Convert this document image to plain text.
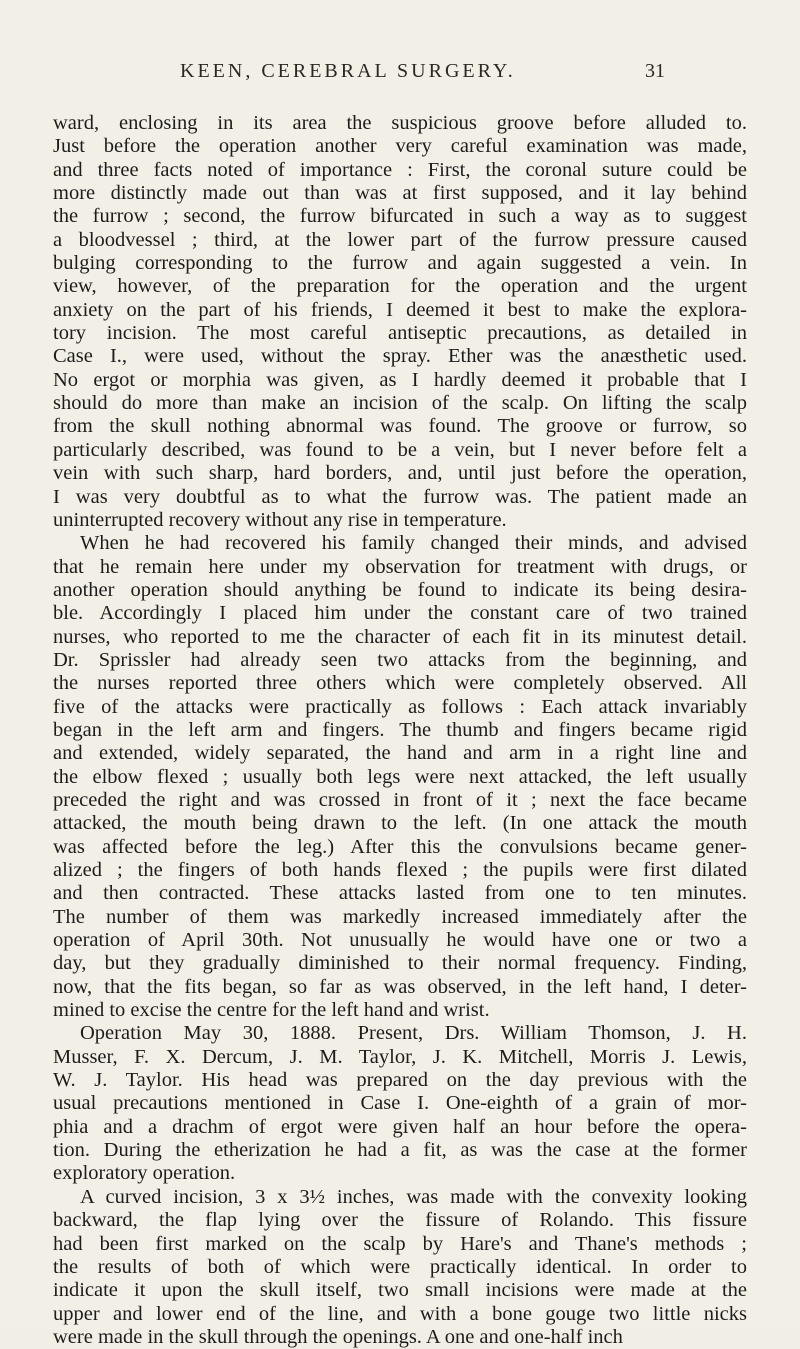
KEEN, CEREBRAL SURGERY.	31

ward, enclosing in its area the suspicious groove before alluded to.
Just before the operation another very careful examination was made,
and three facts noted of importance : First, the coronal suture could be
more distinctly made out than was at first supposed, and it lay behind
the furrow ; second, the furrow bifurcated in such a way as to suggest
a bloodvessel ; third, at the lower part of the furrow pressure caused
bulging corresponding to the furrow and again suggested a vein. In
view, however, of the preparation for the operation and the urgent
anxiety on the part of his friends, I deemed it best to make the explora-
tory incision. The most careful antiseptic precautions, as detailed in
Case I., were used, without the spray. Ether was the anæsthetic used.
No ergot or morphia was given, as I hardly deemed it probable that I
should do more than make an incision of the scalp. On lifting the scalp
from the skull nothing abnormal was found. The groove or furrow, so
particularly described, was found to be a vein, but I never before felt a
vein with such sharp, hard borders, and, until just before the operation,
I was very doubtful as to what the furrow was. The patient made an
uninterrupted recovery without any rise in temperature.

When he had recovered his family changed their minds, and advised
that he remain here under my observation for treatment with drugs, or
another operation should anything be found to indicate its being desira-
ble. Accordingly I placed him under the constant care of two trained
nurses, who reported to me the character of each fit in its minutest detail.
Dr. Sprissler had already seen two attacks from the beginning, and
the nurses reported three others which were completely observed. All
five of the attacks were practically as follows : Each attack invariably
began in the left arm and fingers. The thumb and fingers became rigid
and extended, widely separated, the hand and arm in a right line and
the elbow flexed ; usually both legs were next attacked, the left usually
preceded the right and was crossed in front of it ; next the face became
attacked, the mouth being drawn to the left. (In one attack the mouth
was affected before the leg.) After this the convulsions became gener-
alized ; the fingers of both hands flexed ; the pupils were first dilated
and then contracted. These attacks lasted from one to ten minutes.
The number of them was markedly increased immediately after the
operation of April 30th. Not unusually he would have one or two a
day, but they gradually diminished to their normal frequency. Finding,
now, that the fits began, so far as was observed, in the left hand, I deter-
mined to excise the centre for the left hand and wrist.

Operation May 30, 1888. Present, Drs. William Thomson, J. H.
Musser, F. X. Dercum, J. M. Taylor, J. K. Mitchell, Morris J. Lewis,
W. J. Taylor. His head was prepared on the day previous with the
usual precautions mentioned in Case I. One-eighth of a grain of mor-
phia and a drachm of ergot were given half an hour before the opera-
tion. During the etherization he had a fit, as was the case at the former
exploratory operation.

A curved incision, 3 x 3½ inches, was made with the convexity looking
backward, the flap lying over the fissure of Rolando. This fissure
had been first marked on the scalp by Hare's and Thane's methods ;
the results of both of which were practically identical. In order to
indicate it upon the skull itself, two small incisions were made at the
upper and lower end of the line, and with a bone gouge two little nicks
were made in the skull through the openings. A one and one-half inch
